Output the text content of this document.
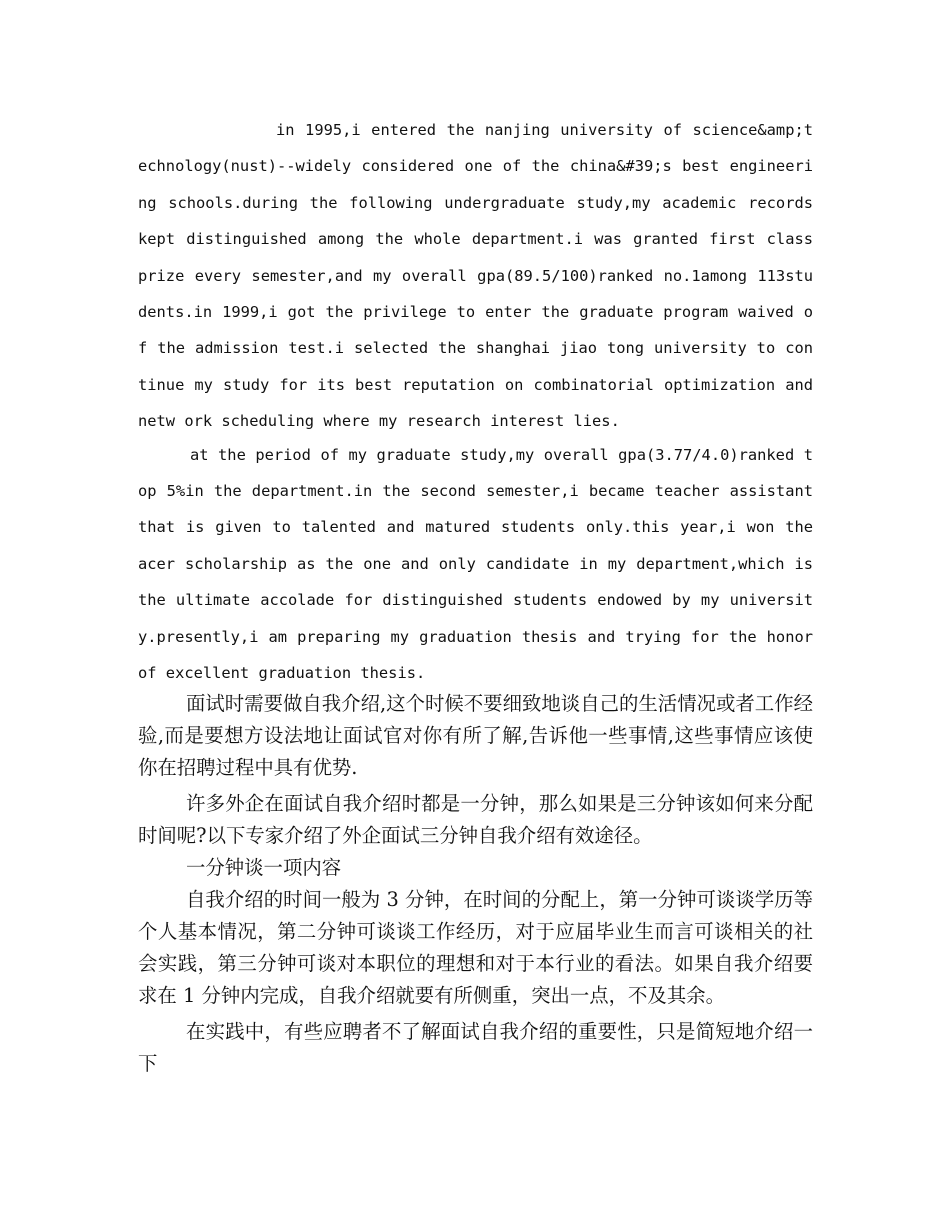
in 1995,i entered the nanjing university of science&amp;technology(nust)--widely considered one of the china&#39;s best engineering schools.during the following undergraduate study,my academic records kept distinguished among the whole department.i was granted first class prize every semester,and my overall gpa(89.5/100)ranked no.1among 113students.in 1999,i got the privilege to enter the graduate program waived of the admission test.i selected the shanghai jiao tong university to continue my study for its best reputation on combinatorial optimization and netw ork scheduling where my research interest lies.

at the period of my graduate study,my overall gpa(3.77/4.0)ranked top 5%in the department.in the second semester,i became teacher assistant that is given to talented and matured students only.this year,i won the acer scholarship as the one and only candidate in my department,which is the ultimate accolade for distinguished students endowed by my university.presently,i am preparing my graduation thesis and trying for the honor of excellent graduation thesis.

面试时需要做自我介绍,这个时候不要细致地谈自己的生活情况或者工作经验,而是要想方设法地让面试官对你有所了解,告诉他一些事情,这些事情应该使你在招聘过程中具有优势.

许多外企在面试自我介绍时都是一分钟，那么如果是三分钟该如何来分配时间呢?以下专家介绍了外企面试三分钟自我介绍有效途径。

一分钟谈一项内容

自我介绍的时间一般为 3 分钟，在时间的分配上，第一分钟可谈谈学历等个人基本情况，第二分钟可谈谈工作经历，对于应届毕业生而言可谈相关的社会实践，第三分钟可谈对本职位的理想和对于本行业的看法。如果自我介绍要求在 1 分钟内完成，自我介绍就要有所侧重，突出一点，不及其余。

在实践中，有些应聘者不了解面试自我介绍的重要性，只是简短地介绍一下
